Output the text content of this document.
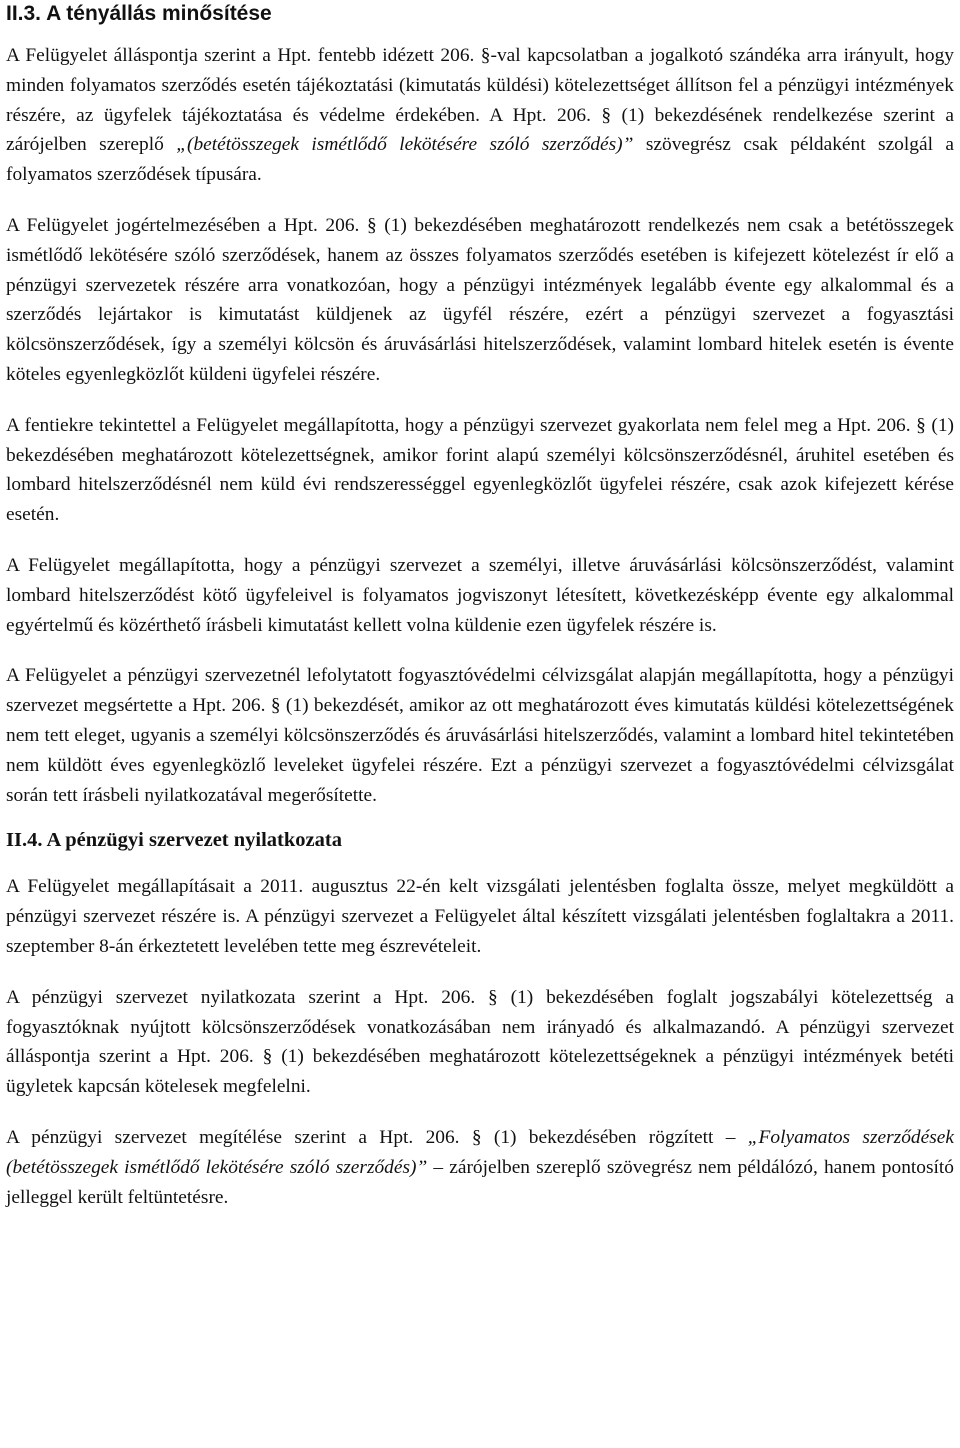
II.3. A tényállás minősítése

A Felügyelet álláspontja szerint a Hpt. fentebb idézett 206. §-val kapcsolatban a jogalkotó szándéka arra irányult, hogy minden folyamatos szerződés esetén tájékoztatási (kimutatás küldési) kötelezettséget állítson fel a pénzügyi intézmények részére, az ügyfelek tájékoztatása és védelme érdekében. A Hpt. 206. § (1) bekezdésének rendelkezése szerint a zárójelben szereplő „(betétösszegek ismétlődő lekötésére szóló szerződés)” szövegrész csak példaként szolgál a folyamatos szerződések típusára.

A Felügyelet jogértelmezésében a Hpt. 206. § (1) bekezdésében meghatározott rendelkezés nem csak a betétösszegek ismétlődő lekötésére szóló szerződések, hanem az összes folyamatos szerződés esetében is kifejezett kötelezést ír elő a pénzügyi szervezetek részére arra vonatkozóan, hogy a pénzügyi intézmények legalább évente egy alkalommal és a szerződés lejártakor is kimutatást küldjenek az ügyfél részére, ezért a pénzügyi szervezet a fogyasztási kölcsönszerződések, így a személyi kölcsön és áruvásárlási hitelszerződések, valamint lombard hitelek esetén is évente köteles egyenlegközlőt küldeni ügyfelei részére.

A fentiekre tekintettel a Felügyelet megállapította, hogy a pénzügyi szervezet gyakorlata nem felel meg a Hpt. 206. § (1) bekezdésében meghatározott kötelezettségnek, amikor forint alapú személyi kölcsönszerződésnél, áruhitel esetében és lombard hitelszerződésnél nem küld évi rendszerességgel egyenlegközlőt ügyfelei részére, csak azok kifejezett kérése esetén.

A Felügyelet megállapította, hogy a pénzügyi szervezet a személyi, illetve áruvásárlási kölcsönszerződést, valamint lombard hitelszerződést kötő ügyfeleivel is folyamatos jogviszonyt létesített, következésképp évente egy alkalommal egyértelmű és közérthető írásbeli kimutatást kellett volna küldenie ezen ügyfelek részére is.

A Felügyelet a pénzügyi szervezetnél lefolytatott fogyasztóvédelmi célvizsgálat alapján megállapította, hogy a pénzügyi szervezet megsértette a Hpt. 206. § (1) bekezdését, amikor az ott meghatározott éves kimutatás küldési kötelezettségének nem tett eleget, ugyanis a személyi kölcsönszerződés és áruvásárlási hitelszerződés, valamint a lombard hitel tekintetében nem küldött éves egyenlegközlő leveleket ügyfelei részére. Ezt a pénzügyi szervezet a fogyasztóvédelmi célvizsgálat során tett írásbeli nyilatkozatával megerősítette.

II.4. A pénzügyi szervezet nyilatkozata

A Felügyelet megállapításait a 2011. augusztus 22-én kelt vizsgálati jelentésben foglalta össze, melyet megküldött a pénzügyi szervezet részére is. A pénzügyi szervezet a Felügyelet által készített vizsgálati jelentésben foglaltakra a 2011. szeptember 8-án érkeztetett levelében tette meg észrevételeit.

A pénzügyi szervezet nyilatkozata szerint a Hpt. 206. § (1) bekezdésében foglalt jogszabályi kötelezettség a fogyasztóknak nyújtott kölcsönszerződések vonatkozásában nem irányadó és alkalmazandó. A pénzügyi szervezet álláspontja szerint a Hpt. 206. § (1) bekezdésében meghatározott kötelezettségeknek a pénzügyi intézmények betéti ügyletek kapcsán kötelesek megfelelni.

A pénzügyi szervezet megítélése szerint a Hpt. 206. § (1) bekezdésében rögzített – „Folyamatos szerződések (betétösszegek ismétlődő lekötésére szóló szerződés)” – zárójelben szereplő szövegrész nem példálózó, hanem pontosító jelleggel került feltüntetésre.
